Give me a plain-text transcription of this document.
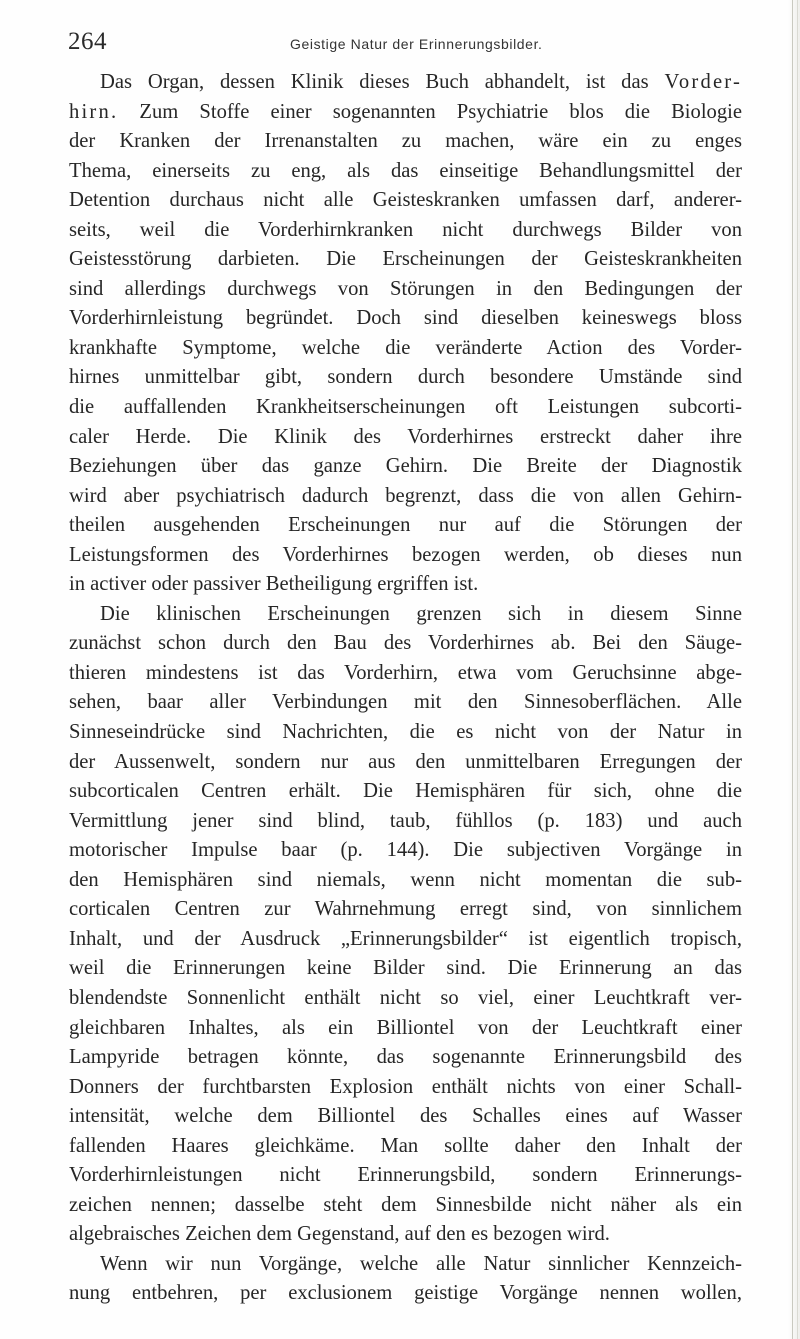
264	Geistige Natur der Erinnerungsbilder.
Das Organ, dessen Klinik dieses Buch abhandelt, ist das Vorder-
hirn. Zum Stoffe einer sogenannten Psychiatrie blos die Biologie
der Kranken der Irrenanstalten zu machen, wäre ein zu enges
Thema, einerseits zu eng, als das einseitige Behandlungsmittel der
Detention durchaus nicht alle Geisteskranken umfassen darf, anderer-
seits, weil die Vorderhirnkranken nicht durchwegs Bilder von
Geistesstörung darbieten. Die Erscheinungen der Geisteskrankheiten
sind allerdings durchwegs von Störungen in den Bedingungen der
Vorderhirnleistung begründet. Doch sind dieselben keineswegs bloss
krankhafte Symptome, welche die veränderte Action des Vorder-
hirnes unmittelbar gibt, sondern durch besondere Umstände sind
die auffallenden Krankheitserscheinungen oft Leistungen subcorti-
caler Herde. Die Klinik des Vorderhirnes erstreckt daher ihre
Beziehungen über das ganze Gehirn. Die Breite der Diagnostik
wird aber psychiatrisch dadurch begrenzt, dass die von allen Gehirn-
theilen ausgehenden Erscheinungen nur auf die Störungen der
Leistungsformen des Vorderhirnes bezogen werden, ob dieses nun
in activer oder passiver Betheiligung ergriffen ist.
Die klinischen Erscheinungen grenzen sich in diesem Sinne
zunächst schon durch den Bau des Vorderhirnes ab. Bei den Säuge-
thieren mindestens ist das Vorderhirn, etwa vom Geruchsinne abge-
sehen, baar aller Verbindungen mit den Sinnesoberflächen. Alle
Sinneseindrücke sind Nachrichten, die es nicht von der Natur in
der Aussenwelt, sondern nur aus den unmittelbaren Erregungen der
subcorticalen Centren erhält. Die Hemisphären für sich, ohne die
Vermittlung jener sind blind, taub, fühllos (p. 183) und auch
motorischer Impulse baar (p. 144). Die subjectiven Vorgänge in
den Hemisphären sind niemals, wenn nicht momentan die sub-
corticalen Centren zur Wahrnehmung erregt sind, von sinnlichem
Inhalt, und der Ausdruck „Erinnerungsbilder“ ist eigentlich tropisch,
weil die Erinnerungen keine Bilder sind. Die Erinnerung an das
blendendste Sonnenlicht enthält nicht so viel, einer Leuchtkraft ver-
gleichbaren Inhaltes, als ein Billiontel von der Leuchtkraft einer
Lampyride betragen könnte, das sogenannte Erinnerungsbild des
Donners der furchtbarsten Explosion enthält nichts von einer Schall-
intensität, welche dem Billiontel des Schalles eines auf Wasser
fallenden Haares gleichkäme. Man sollte daher den Inhalt der
Vorderhirnleistungen nicht Erinnerungsbild, sondern Erinnerungs-
zeichen nennen; dasselbe steht dem Sinnesbilde nicht näher als ein
algebraisches Zeichen dem Gegenstand, auf den es bezogen wird.
Wenn wir nun Vorgänge, welche alle Natur sinnlicher Kennzeich-
nung entbehren, per exclusionem geistige Vorgänge nennen wollen,
